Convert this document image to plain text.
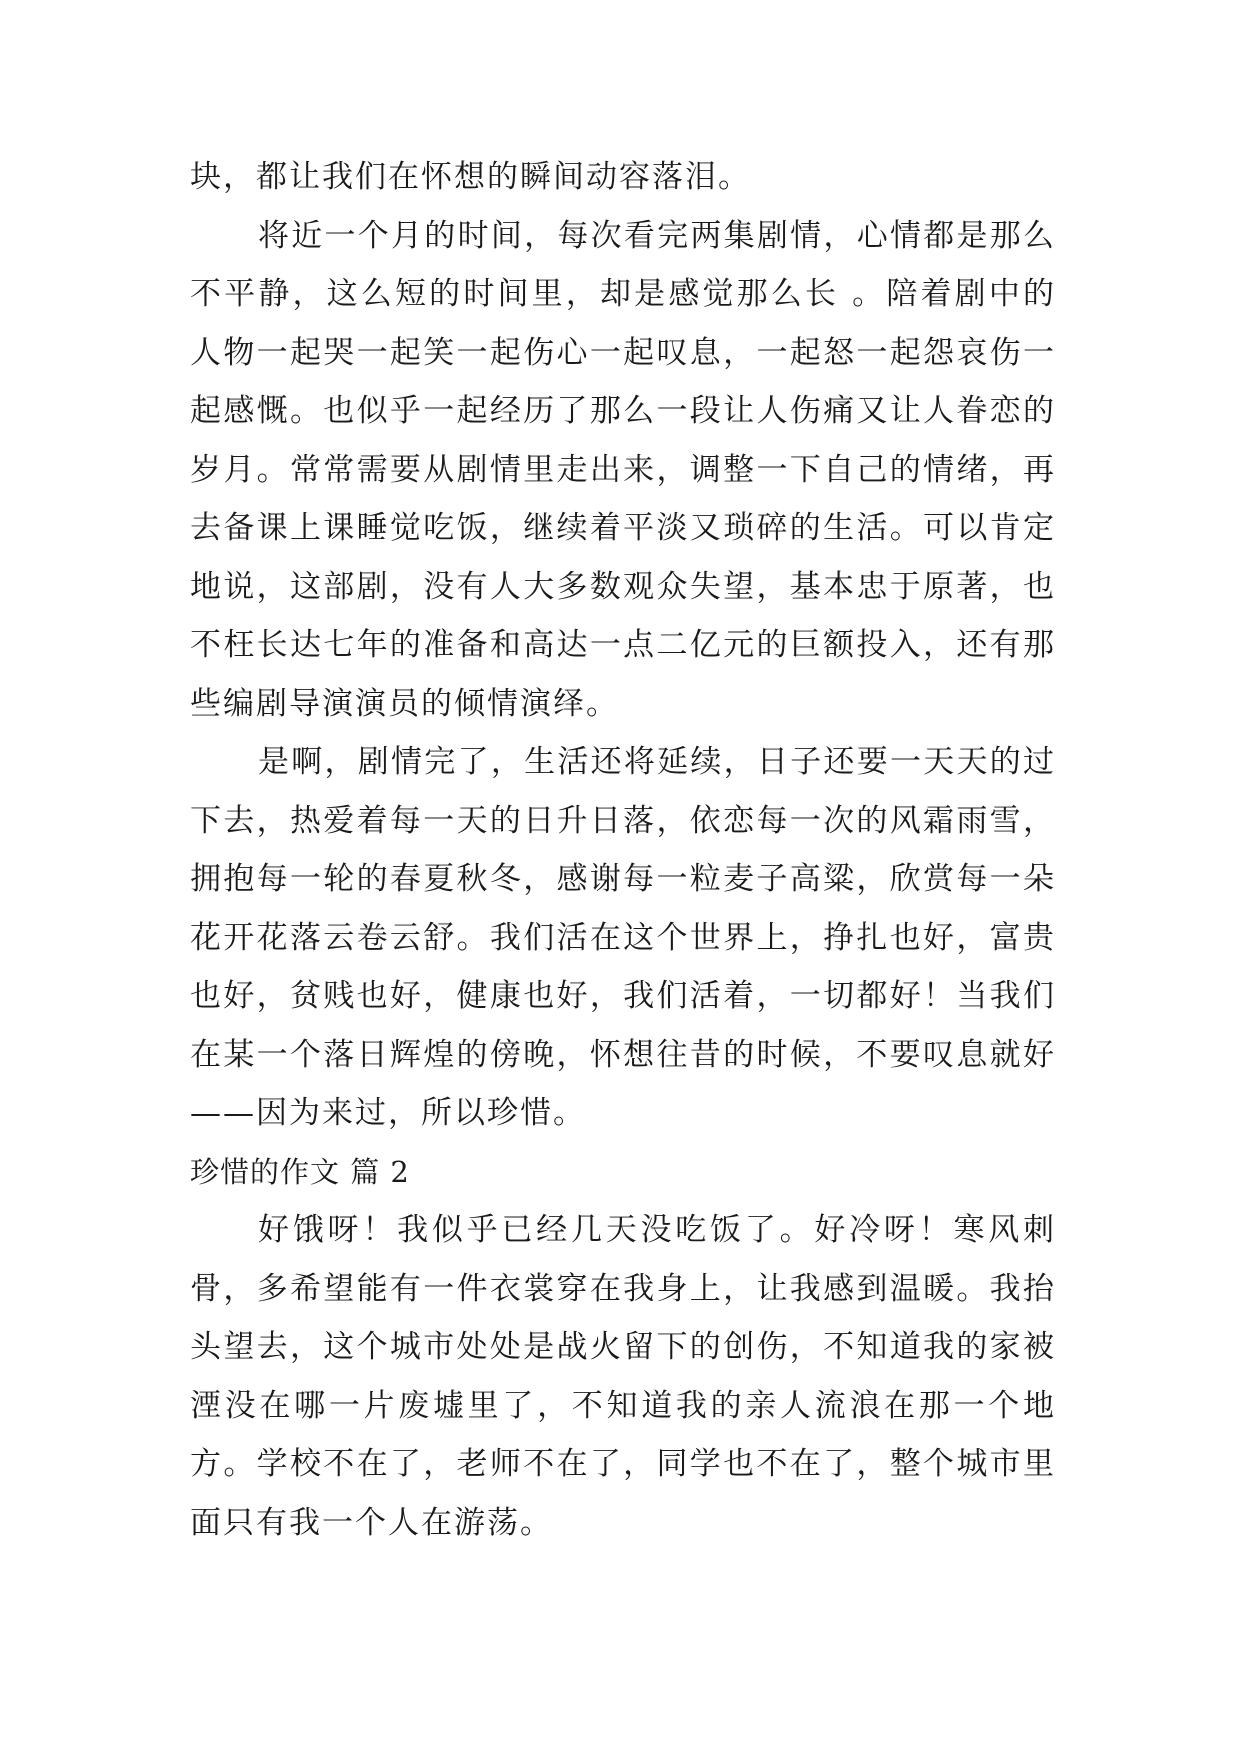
块，都让我们在怀想的瞬间动容落泪。

将近一个月的时间，每次看完两集剧情，心情都是那么不平静，这么短的时间里，却是感觉那么长 。陪着剧中的人物一起哭一起笑一起伤心一起叹息，一起怒一起怨哀伤一起感慨。也似乎一起经历了那么一段让人伤痛又让人眷恋的岁月。常常需要从剧情里走出来，调整一下自己的情绪，再去备课上课睡觉吃饭，继续着平淡又琐碎的生活。可以肯定地说，这部剧，没有人大多数观众失望，基本忠于原著，也不枉长达七年的准备和高达一点二亿元的巨额投入，还有那些编剧导演演员的倾情演绎。

是啊，剧情完了，生活还将延续，日子还要一天天的过下去，热爱着每一天的日升日落，依恋每一次的风霜雨雪，拥抱每一轮的春夏秋冬，感谢每一粒麦子高粱，欣赏每一朵花开花落云卷云舒。我们活在这个世界上，挣扎也好，富贵也好，贫贱也好，健康也好，我们活着，一切都好！当我们在某一个落日辉煌的傍晚，怀想往昔的时候，不要叹息就好——因为来过，所以珍惜。

珍惜的作文 篇 2

好饿呀！我似乎已经几天没吃饭了。好冷呀！寒风刺骨，多希望能有一件衣裳穿在我身上，让我感到温暖。我抬头望去，这个城市处处是战火留下的创伤，不知道我的家被湮没在哪一片废墟里了，不知道我的亲人流浪在那一个地方。学校不在了，老师不在了，同学也不在了，整个城市里面只有我一个人在游荡。
